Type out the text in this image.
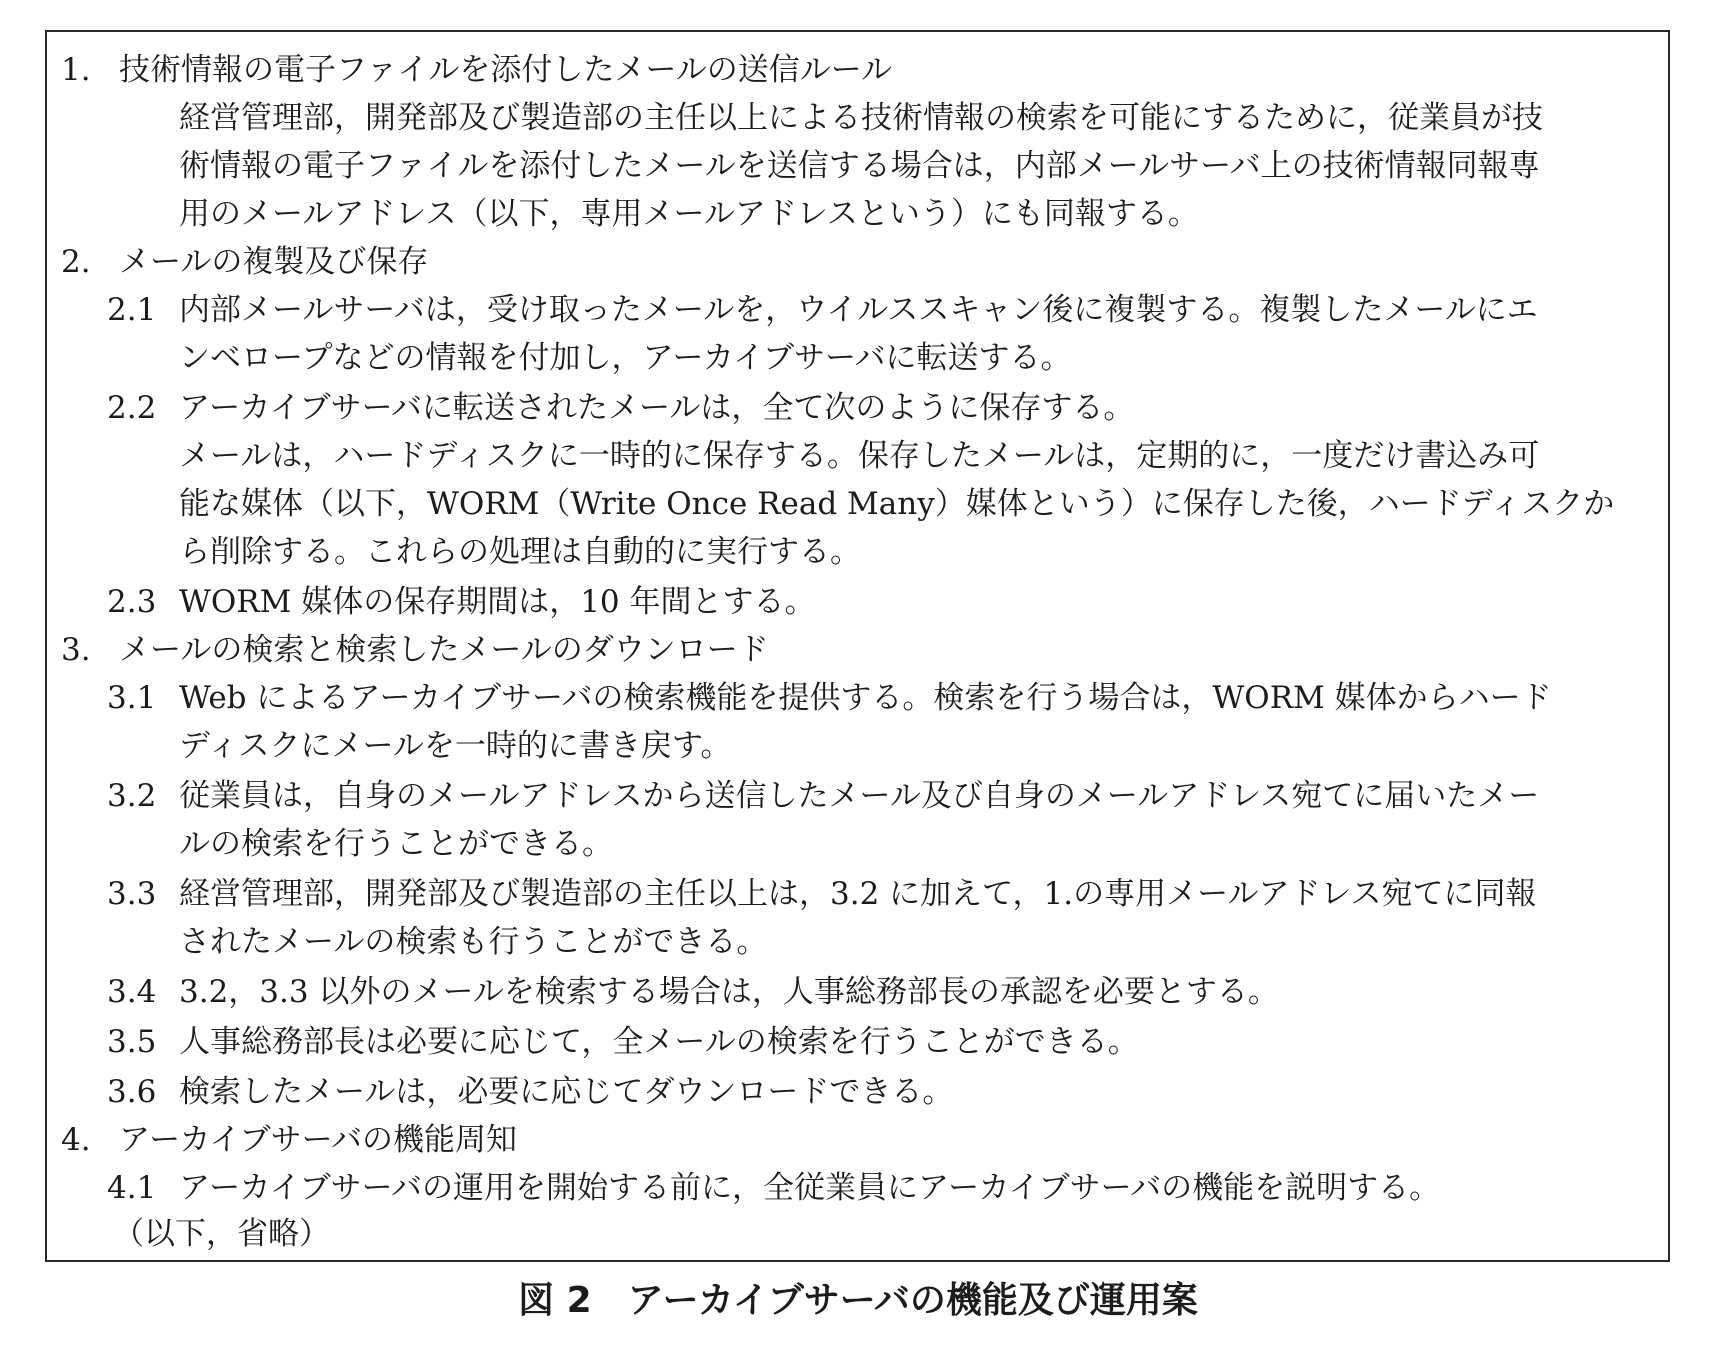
1. 技術情報の電子ファイルを添付したメールの送信ルール
経営管理部，開発部及び製造部の主任以上による技術情報の検索を可能にするために，従業員が技
術情報の電子ファイルを添付したメールを送信する場合は，内部メールサーバ上の技術情報同報専
用のメールアドレス（以下，専用メールアドレスという）にも同報する。
2. メールの複製及び保存
2.1 内部メールサーバは，受け取ったメールを，ウイルススキャン後に複製する。複製したメールにエ
ンベロープなどの情報を付加し，アーカイブサーバに転送する。
2.2 アーカイブサーバに転送されたメールは，全て次のように保存する。
メールは，ハードディスクに一時的に保存する。保存したメールは，定期的に，一度だけ書込み可
能な媒体（以下，WORM（Write Once Read Many）媒体という）に保存した後，ハードディスクか
ら削除する。これらの処理は自動的に実行する。
2.3 WORM 媒体の保存期間は，10 年間とする。
3. メールの検索と検索したメールのダウンロード
3.1 Web によるアーカイブサーバの検索機能を提供する。検索を行う場合は，WORM 媒体からハード
ディスクにメールを一時的に書き戻す。
3.2 従業員は，自身のメールアドレスから送信したメール及び自身のメールアドレス宛てに届いたメー
ルの検索を行うことができる。
3.3 経営管理部，開発部及び製造部の主任以上は，3.2 に加えて，1.の専用メールアドレス宛てに同報
されたメールの検索も行うことができる。
3.4 3.2，3.3 以外のメールを検索する場合は，人事総務部長の承認を必要とする。
3.5 人事総務部長は必要に応じて，全メールの検索を行うことができる。
3.6 検索したメールは，必要に応じてダウンロードできる。
4. アーカイブサーバの機能周知
4.1 アーカイブサーバの運用を開始する前に，全従業員にアーカイブサーバの機能を説明する。
（以下，省略）
図 2 アーカイブサーバの機能及び運用案
